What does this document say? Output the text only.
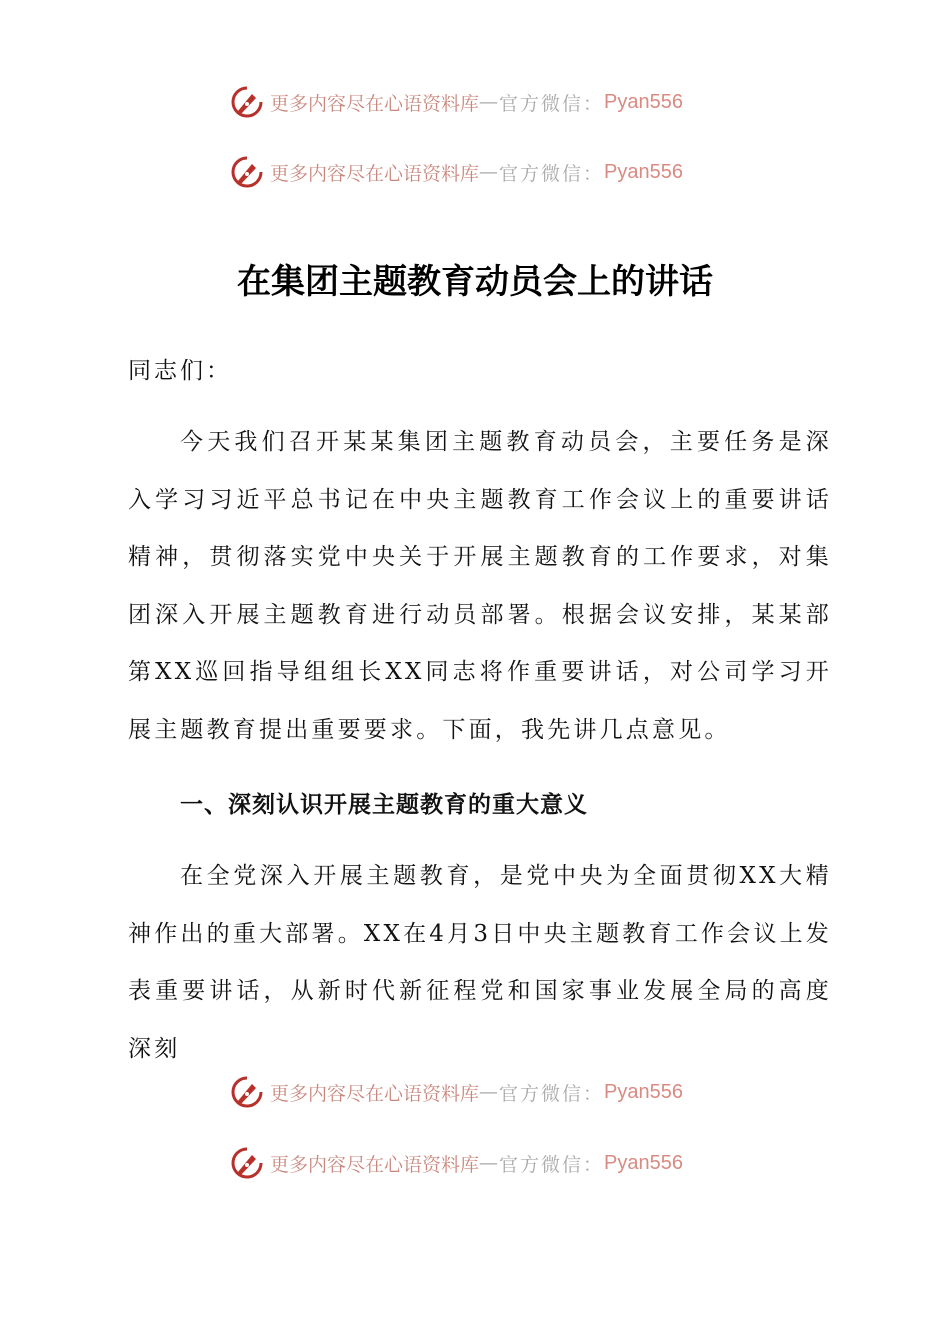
更多内容尽在心语资料库 — 官方微信： Pyan556
更多内容尽在心语资料库 — 官方微信： Pyan556
在集团主题教育动员会上的讲话
同志们：

今天我们召开某某集团主题教育动员会，主要任务是深入学习习近平总书记在中央主题教育工作会议上的重要讲话精神，贯彻落实党中央关于开展主题教育的工作要求，对集团深入开展主题教育进行动员部署。根据会议安排，某某部第XX巡回指导组组长XX同志将作重要讲话，对公司学习开展主题教育提出重要要求。下面，我先讲几点意见。

一、深刻认识开展主题教育的重大意义

在全党深入开展主题教育，是党中央为全面贯彻XX大精神作出的重大部署。XX在4月3日中央主题教育工作会议上发表重要讲话，从新时代新征程党和国家事业发展全局的高度深刻

更多内容尽在心语资料库 — 官方微信： Pyan556
更多内容尽在心语资料库 — 官方微信： Pyan556
